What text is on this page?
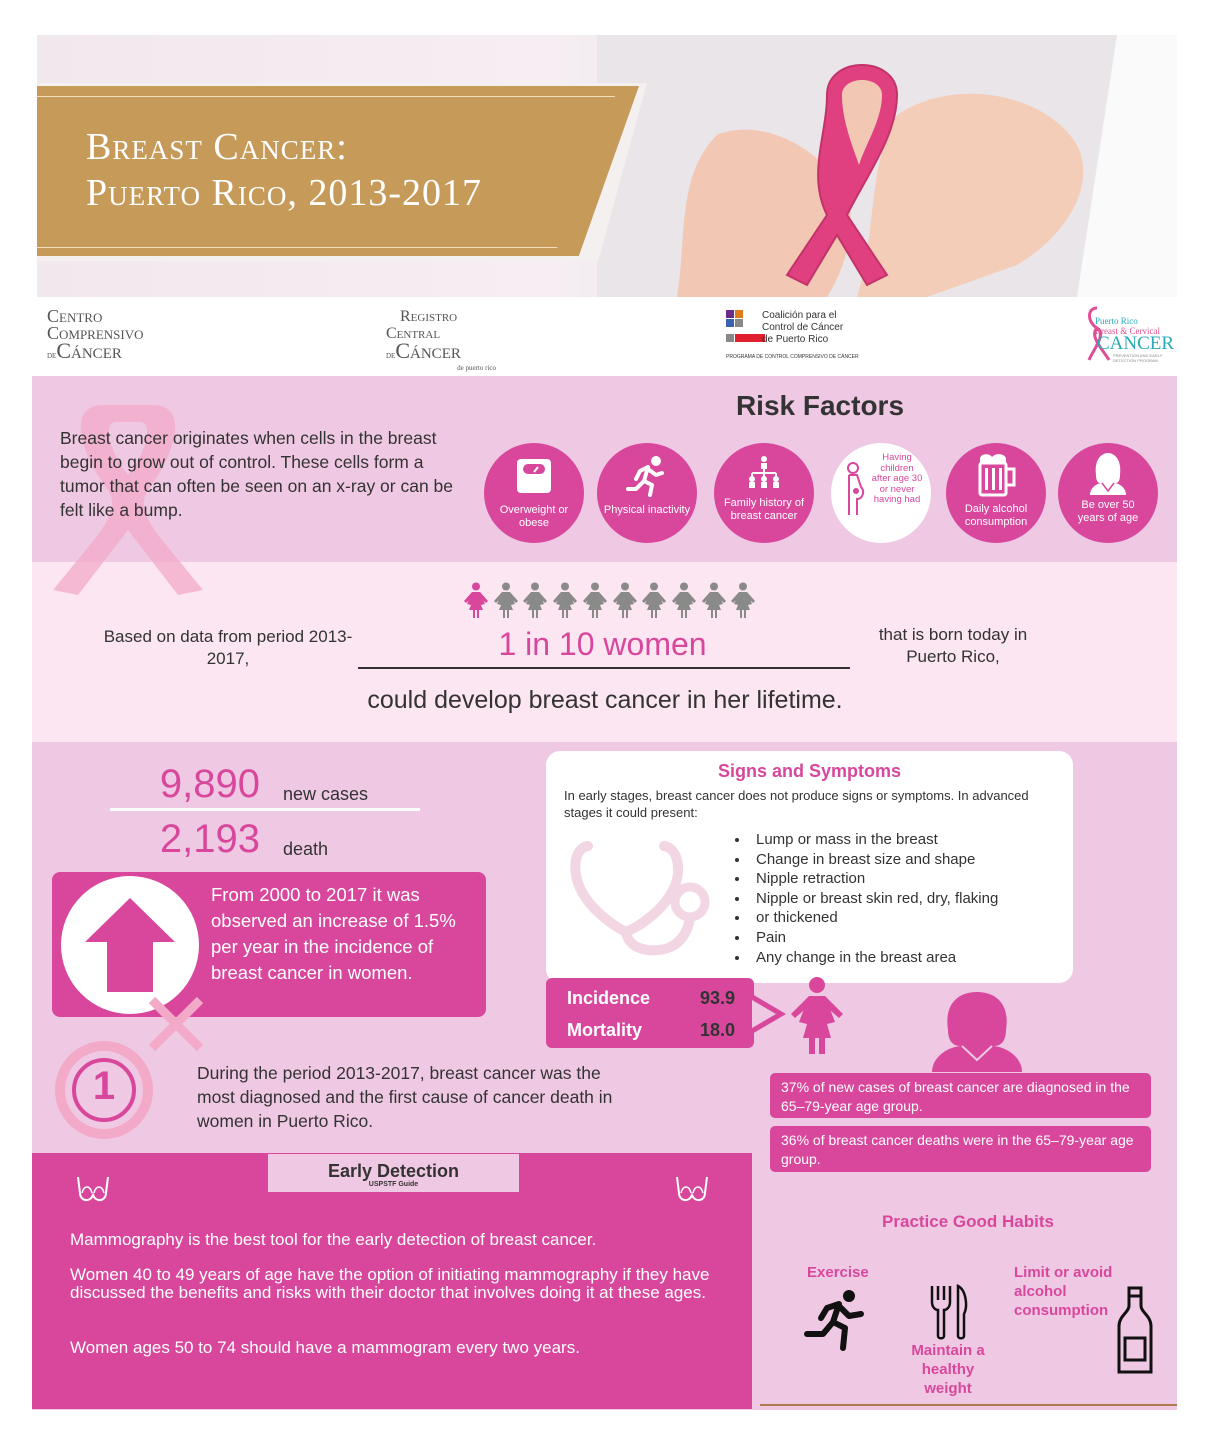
Breast Cancer:
Puerto Rico, 2013-2017
Centro
Comprensivo
deCáncer
Registro
Central
deCáncer
de puerto rico
Coalición para el
Control de Cáncer
de Puerto Rico
PROGRAMA DE CONTROL COMPRENSIVO DE CÁNCER
Puerto Rico
Breast & Cervical
CANCER
PREVENTION AND EARLY
DETECTION PROGRAM
Breast cancer originates when cells in the breast begin to grow out of control. These cells form a tumor that can often be seen on an x-ray or can be felt like a bump.
Risk Factors
Overweight or obese
Physical inactivity
Family history of breast cancer
Having children after age 30 or never having had
Daily alcohol consumption
Be over 50 years of age
Based on data from period 2013-2017,	1 in 10 women	that is born today in Puerto Rico,
could develop breast cancer in her lifetime.
9,890 new cases
2,193 death
From 2000 to 2017 it was observed an increase of 1.5% per year in the incidence of breast cancer in women.
1	During the period 2013-2017, breast cancer was the most diagnosed and the first cause of cancer death in women in Puerto Rico.
Signs and Symptoms
In early stages, breast cancer does not produce signs or symptoms. In advanced stages it could present:
• Lump or mass in the breast
• Change in breast size and shape
• Nipple retraction
• Nipple or breast skin red, dry, flaking
• or thickened
• Pain
• Any change in the breast area
Incidence	93.9
Mortality	18.0
37% of new cases of breast cancer are diagnosed in the 65–79-year age group.
36% of breast cancer deaths were in the 65–79-year age group.
Early Detection
USPSTF Guide
Mammography is the best tool for the early detection of breast cancer.
Women 40 to 49 years of age have the option of initiating mammography if they have discussed the benefits and risks with their doctor that involves doing it at these ages.
Women ages 50 to 74 should have a mammogram every two years.
Practice Good Habits
Exercise
Maintain a healthy weight
Limit or avoid alcohol consumption
